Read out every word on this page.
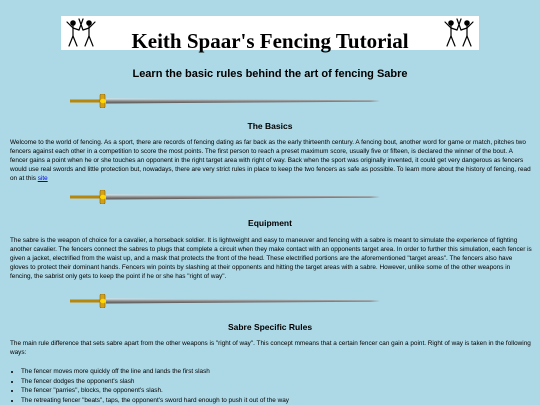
Keith Spaar's Fencing Tutorial
Learn the basic rules behind the art of fencing Sabre
The Basics

Welcome to the world of fencing. As a sport, there are records of fencing dating as far back as the early thirteenth century. A fencing bout, another word for game or match, pitches two fencers against each other in a competition to score the most points. The first person to reach a preset maximum score, usually five or fifteen, is declared the winner of the bout. A fencer gains a point when he or she touches an opponent in the right target area with right of way. Back when the sport was originally invented, it could get very dangerous as fencers would use real swords and little protection but, nowadays, there are very strict rules in place to keep the two fencers as safe as possible. To learn more about the history of fencing, read on at this site

Equipment

The sabre is the weapon of choice for a cavalier, a horseback soldier. It is lightweight and easy to maneuver and fencing with a sabre is meant to simulate the experience of fighting another cavalier. The fencers connect the sabres to plugs that complete a circuit when they make contact with an opponents target area. In order to further this simulation, each fencer is given a jacket, electrified from the waist up, and a mask that protects the front of the head. These electrified portions are the aforementioned "target areas". The fencers also have gloves to protect their dominant hands. Fencers win points by slashing at their opponents and hitting the target areas with a sabre. However, unlike some of the other weapons in fencing, the sabrist only gets to keep the point if he or she has "right of way".

Sabre Specific Rules

The main rule difference that sets sabre apart from the other weapons is "right of way". This concept mmeans that a certain fencer can gain a point. Right of way is taken in the following ways:

• The fencer moves more quickly off the line and lands the first slash
• The fencer dodges the opponent's slash
• The fencer "parries", blocks, the opponent's slash.
• The retreating fencer "beats", taps, the opponent's sword hard enough to push it out of the way
